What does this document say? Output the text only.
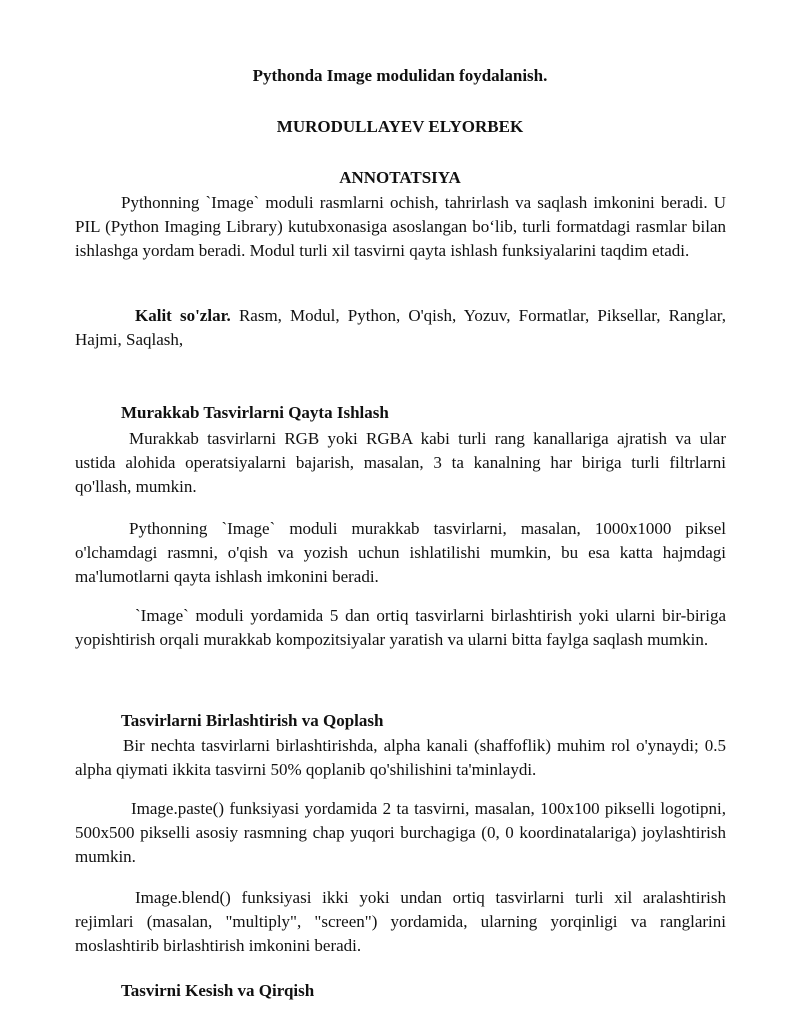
Pythonda Image modulidan foydalanish.
MURODULLAYEV ELYORBEK
ANNOTATSIYA
Pythonning `Image` moduli rasmlarni ochish, tahrirlash va saqlash imkonini beradi. U PIL (Python Imaging Library) kutubxonasiga asoslangan bo‘lib, turli formatdagi rasmlar bilan ishlashga yordam beradi. Modul turli xil tasvirni qayta ishlash funksiyalarini taqdim etadi.
Kalit so'zlar. Rasm, Modul, Python, O'qish, Yozuv, Formatlar, Piksellar, Ranglar, Hajmi, Saqlash,
Murakkab Tasvirlarni Qayta Ishlash
Murakkab tasvirlarni RGB yoki RGBA kabi turli rang kanallariga ajratish va ular ustida alohida operatsiyalarni bajarish, masalan, 3 ta kanalning har biriga turli filtrlarni qo'llash, mumkin.
Pythonning `Image` moduli murakkab tasvirlarni, masalan, 1000x1000 piksel o'lchamdagi rasmni, o'qish va yozish uchun ishlatilishi mumkin, bu esa katta hajmdagi ma'lumotlarni qayta ishlash imkonini beradi.
`Image` moduli yordamida 5 dan ortiq tasvirlarni birlashtirish yoki ularni bir-biriga yopishtirish orqali murakkab kompozitsiyalar yaratish va ularni bitta faylga saqlash mumkin.
Tasvirlarni Birlashtirish va Qoplash
Bir nechta tasvirlarni birlashtirishda, alpha kanali (shaffoflik) muhim rol o'ynaydi; 0.5 alpha qiymati ikkita tasvirni 50% qoplanib qo'shilishini ta'minlaydi.
Image.paste() funksiyasi yordamida 2 ta tasvirni, masalan, 100x100 pikselli logotipni, 500x500 pikselli asosiy rasmning chap yuqori burchagiga (0, 0 koordinatalariga) joylashtirish mumkin.
Image.blend() funksiyasi ikki yoki undan ortiq tasvirlarni turli xil aralashtirish rejimlari (masalan, "multiply", "screen") yordamida, ularning yorqinligi va ranglarini moslashtirib birlashtirish imkonini beradi.
Tasvirni Kesish va Qirqish
